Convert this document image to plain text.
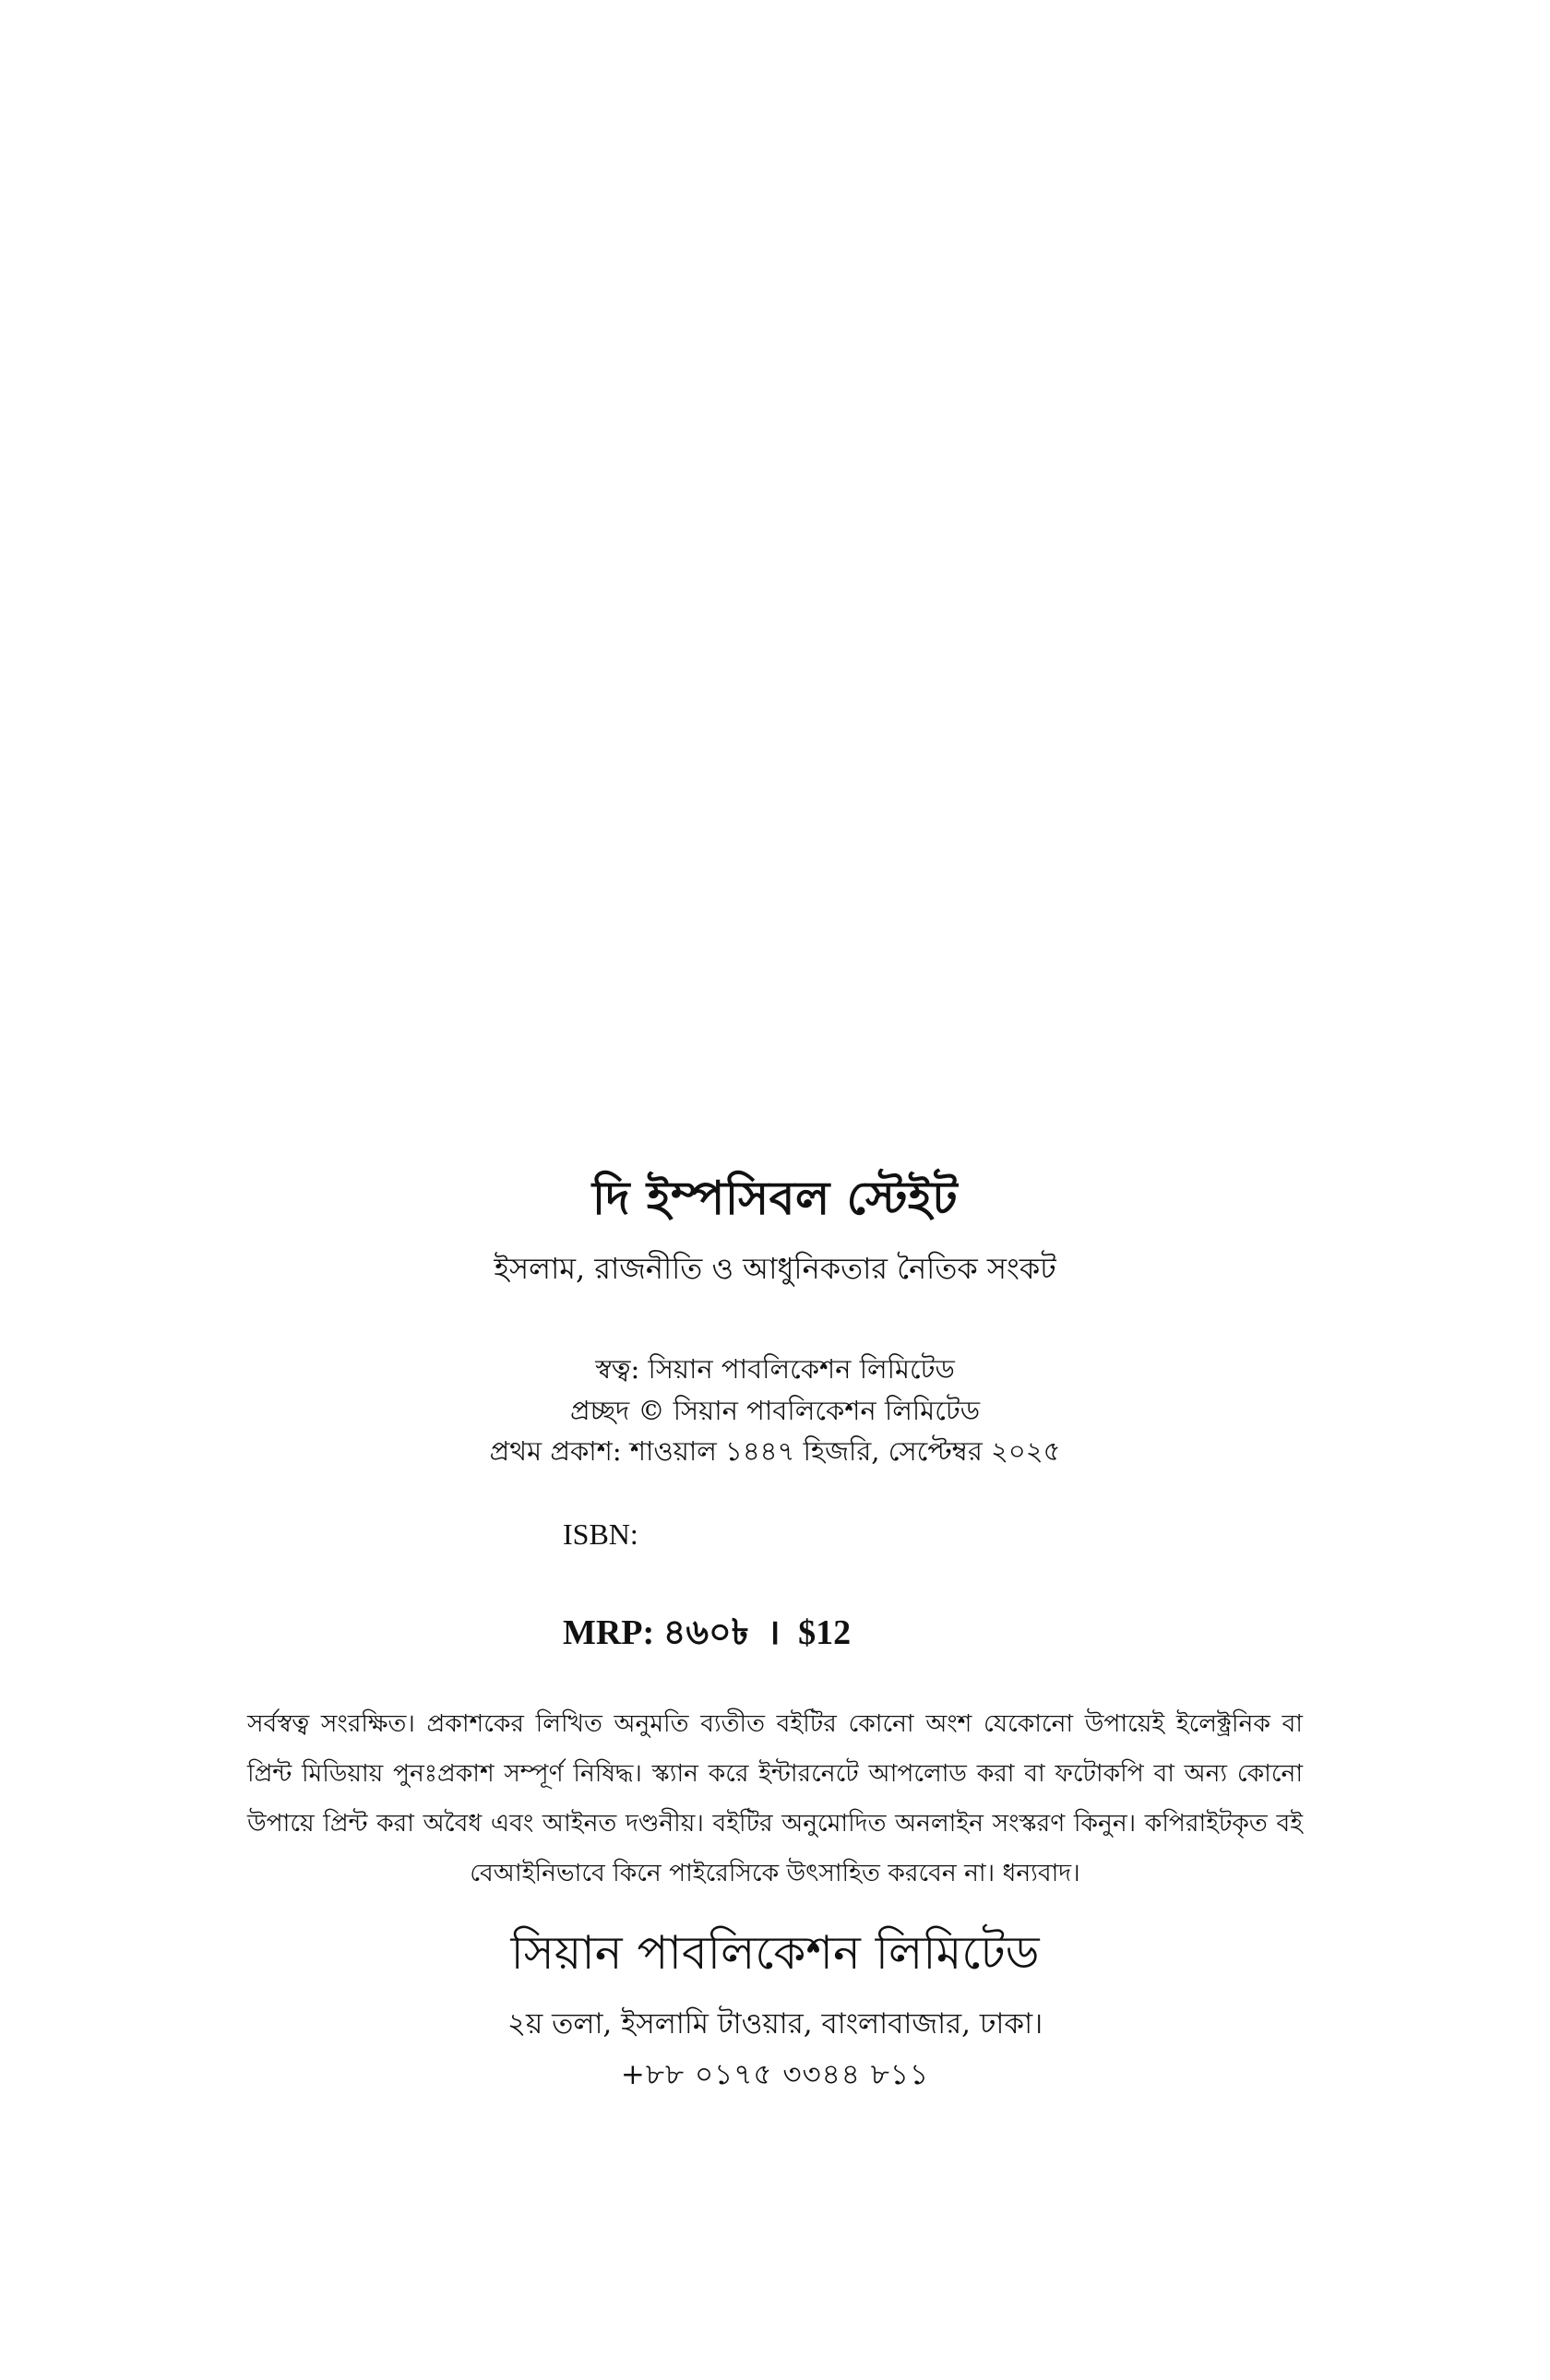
দি ইম্পসিবল স্টেইট
ইসলাম, রাজনীতি ও আধুনিকতার নৈতিক সংকট
স্বত্ব: সিয়ান পাবলিকেশন লিমিটেড
প্রচ্ছদ © সিয়ান পাবলিকেশন লিমিটেড
প্রথম প্রকাশ: শাওয়াল ১৪৪৭ হিজরি, সেপ্টেম্বর ২০২৫
ISBN:
MRP: ৪৬০৳ । $12
সর্বস্বত্ব সংরক্ষিত। প্রকাশকের লিখিত অনুমতি ব্যতীত বইটির কোনো অংশ যেকোনো উপায়েই ইলেক্ট্রনিক বা প্রিন্ট মিডিয়ায় পুনঃপ্রকাশ সম্পূর্ণ নিষিদ্ধ। স্ক্যান করে ইন্টারনেটে আপলোড করা বা ফটোকপি বা অন্য কোনো উপায়ে প্রিন্ট করা অবৈধ এবং আইনত দণ্ডনীয়। বইটির অনুমোদিত অনলাইন সংস্করণ কিনুন। কপিরাইটকৃত বই বেআইনিভাবে কিনে পাইরেসিকে উৎসাহিত করবেন না। ধন্যবাদ।
সিয়ান পাবলিকেশন লিমিটেড
২য় তলা, ইসলামি টাওয়ার, বাংলাবাজার, ঢাকা।
+৮৮ ০১৭৫ ৩৩৪৪ ৮১১
